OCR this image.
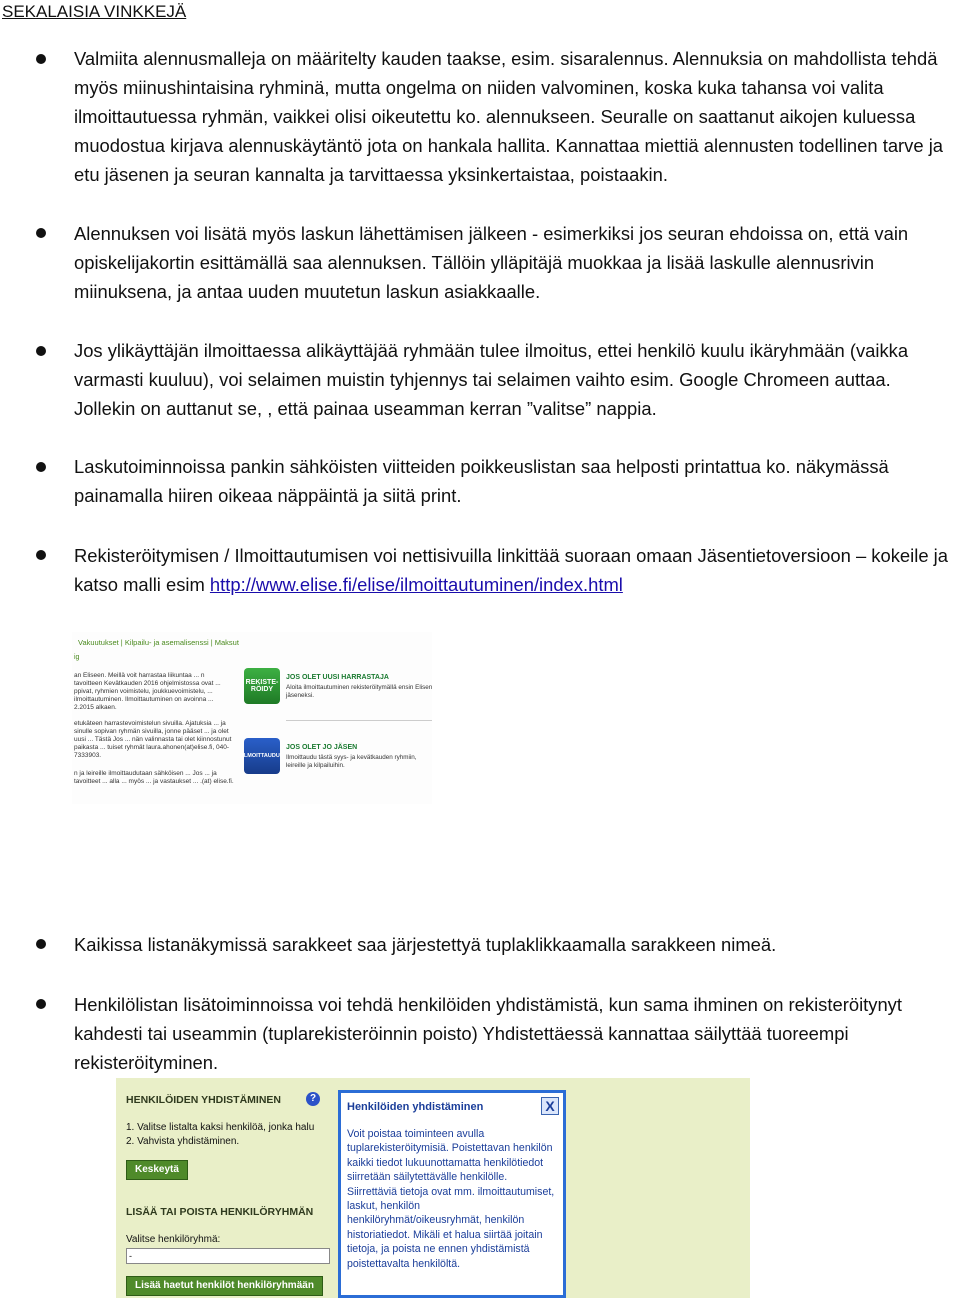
SEKALAISIA VINKKEJÄ
Valmiita alennusmalleja on määritelty kauden taakse, esim. sisaralennus. Alennuksia on mahdollista tehdä myös miinushintaisina ryhminä, mutta ongelma on niiden valvominen, koska kuka tahansa voi valita ilmoittautuessa ryhmän, vaikkei olisi oikeutettu ko. alennukseen. Seuralle on saattanut aikojen kuluessa muodostua kirjava alennuskäytäntö jota on hankala hallita. Kannattaa miettiä alennusten todellinen tarve ja etu jäsenen ja seuran kannalta ja tarvittaessa yksinkertaistaa, poistaakin.
Alennuksen voi lisätä myös laskun lähettämisen jälkeen - esimerkiksi jos seuran ehdoissa on, että vain opiskelijakortin esittämällä saa alennuksen. Tällöin ylläpitäjä muokkaa ja lisää laskulle alennusrivin miinuksena, ja antaa uuden muutetun laskun asiakkaalle.
Jos ylikäyttäjän ilmoittaessa alikäyttäjää ryhmään tulee ilmoitus, ettei henkilö kuulu ikäryhmään (vaikka varmasti kuuluu), voi selaimen muistin tyhjennys tai selaimen vaihto esim. Google Chromeen auttaa. Jollekin on auttanut se, , että painaa useamman kerran ”valitse” nappia.
Laskutoiminnoissa pankin sähköisten viitteiden poikkeuslistan saa helposti printattua ko. näkymässä painamalla hiiren oikeaa näppäintä ja siitä print.
Rekisteröitymisen / Ilmoittautumisen voi nettisivuilla linkittää suoraan omaan Jäsentietoversioon – kokeile ja katso malli esim http://www.elise.fi/elise/ilmoittautuminen/index.html
Vakuutukset | Kilpailu- ja asemalisenssi | Maksut
ig
an Eliseen. Meillä voit harrastaa liikuntaa ... n tavoitteen Kevätkauden 2016 ohjelmistossa ovat ... ppivat, ryhmien voimistelu, joukkuevoimistelu, ... ilmoittautuminen. Ilmoittautuminen on avoinna ... 2.2015 alkaen.
etukäteen harrastevoimistelun sivuilla. Ajatuksia ... ja sinulle sopivan ryhmän sivuilla, jonne pääset ... ja olet uusi ... Tästä Jos ... nän valinnasta tai olet kiinnostunut paikasta ... tuiset ryhmät laura.ahonen(at)elise.fi, 040-7333903.
n ja leireille ilmoittaudutaan sähköisen ... Jos ... ja tavoitteet ... alla ... myös ... ja vastaukset ... .(at) elise.fi.
REKISTE-RÖIDY
JOS OLET UUSI HARRASTAJA
Aloita ilmoittautuminen rekisteröitymällä ensin Elisen jäseneksi.
ILMOITTAUDU!
JOS OLET JO JÄSEN
Ilmoittaudu tästä syys- ja kevätkauden ryhmiin, leireille ja kilpailuihin.
Kaikissa listanäkymissä sarakkeet saa järjestettyä tuplaklikkaamalla sarakkeen nimeä.
Henkilölistan lisätoiminnoissa voi tehdä henkilöiden yhdistämistä, kun sama ihminen on rekisteröitynyt kahdesti tai useammin (tuplarekisteröinnin poisto) Yhdistettäessä kannattaa säilyttää tuoreempi rekisteröityminen.
HENKILÖIDEN YHDISTÄMINEN	?
1. Valitse listalta kaksi henkilöä, jonka halu
2. Vahvista yhdistäminen.
Keskeytä
LISÄÄ TAI POISTA HENKILÖRYHMÄN
Valitse henkilöryhmä:
-
Lisää haetut henkilöt henkilöryhmään
Henkilöiden yhdistäminen	X
Voit poistaa toiminteen avulla tuplarekisteröitymisiä. Poistettavan henkilön kaikki tiedot lukuunottamatta henkilötiedot siirretään säilytettävälle henkilölle. Siirrettäviä tietoja ovat mm. ilmoittautumiset, laskut, henkilön henkilöryhmät/oikeusryhmät, henkilön historiatiedot. Mikäli et halua siirtää joitain tietoja, ja poista ne ennen yhdistämistä poistettavalta henkilöltä.
